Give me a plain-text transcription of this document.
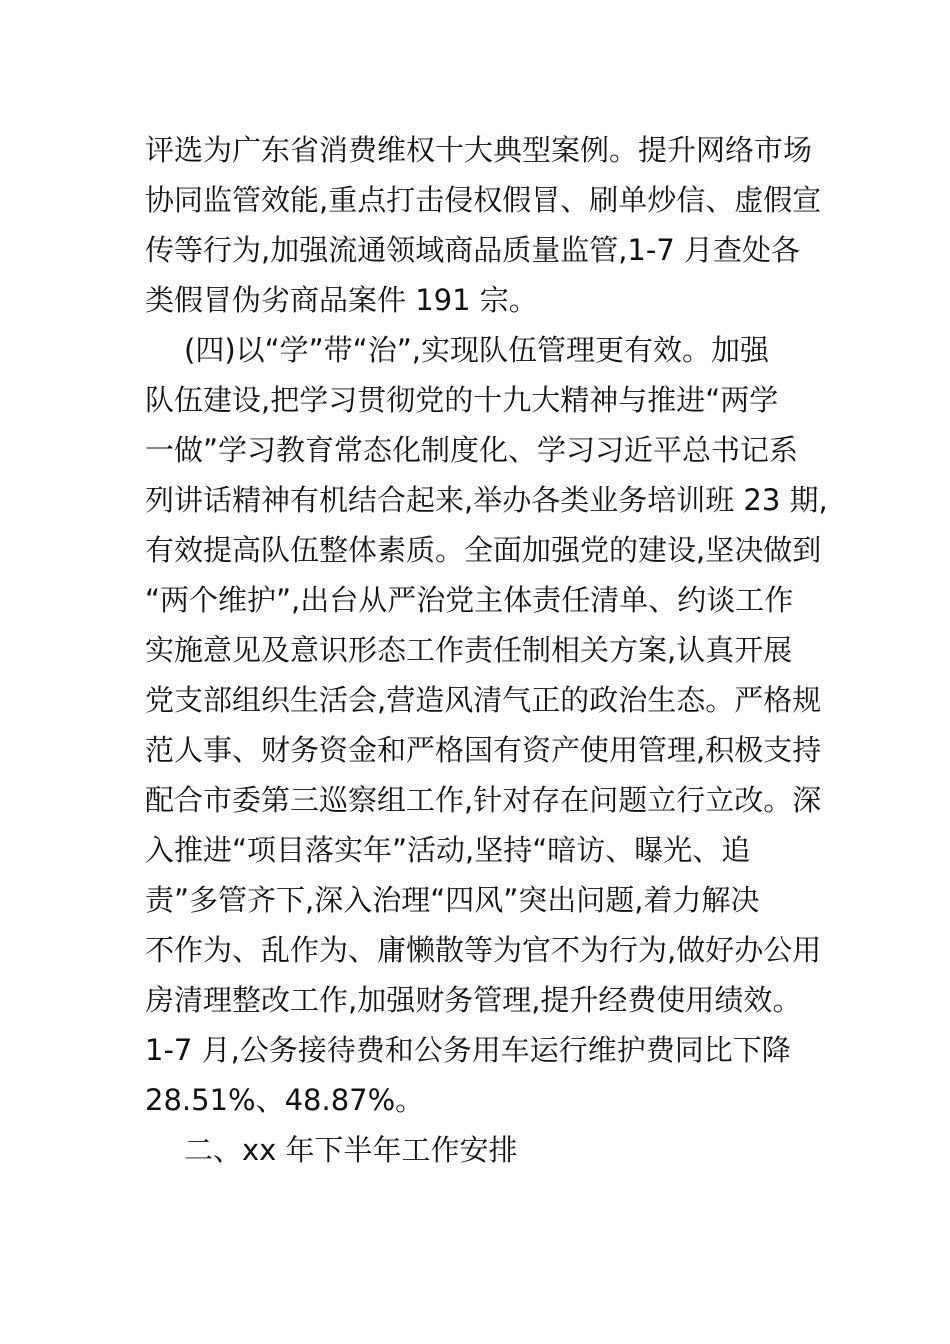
评选为广东省消费维权十大典型案例。提升网络市场
协同监管效能,重点打击侵权假冒、刷单炒信、虚假宣
传等行为,加强流通领域商品质量监管,1-7 月查处各
类假冒伪劣商品案件 191 宗。
(四)以“学”带“治”,实现队伍管理更有效。加强
队伍建设,把学习贯彻党的十九大精神与推进“两学
一做”学习教育常态化制度化、学习习近平总书记系
列讲话精神有机结合起来,举办各类业务培训班 23 期,
有效提高队伍整体素质。全面加强党的建设,坚决做到
“两个维护”,出台从严治党主体责任清单、约谈工作
实施意见及意识形态工作责任制相关方案,认真开展
党支部组织生活会,营造风清气正的政治生态。严格规
范人事、财务资金和严格国有资产使用管理,积极支持
配合市委第三巡察组工作,针对存在问题立行立改。深
入推进“项目落实年”活动,坚持“暗访、曝光、追
责”多管齐下,深入治理“四风”突出问题,着力解决
不作为、乱作为、庸懒散等为官不为行为,做好办公用
房清理整改工作,加强财务管理,提升经费使用绩效。
1-7 月,公务接待费和公务用车运行维护费同比下降
28.51%、48.87%。
二、xx 年下半年工作安排
